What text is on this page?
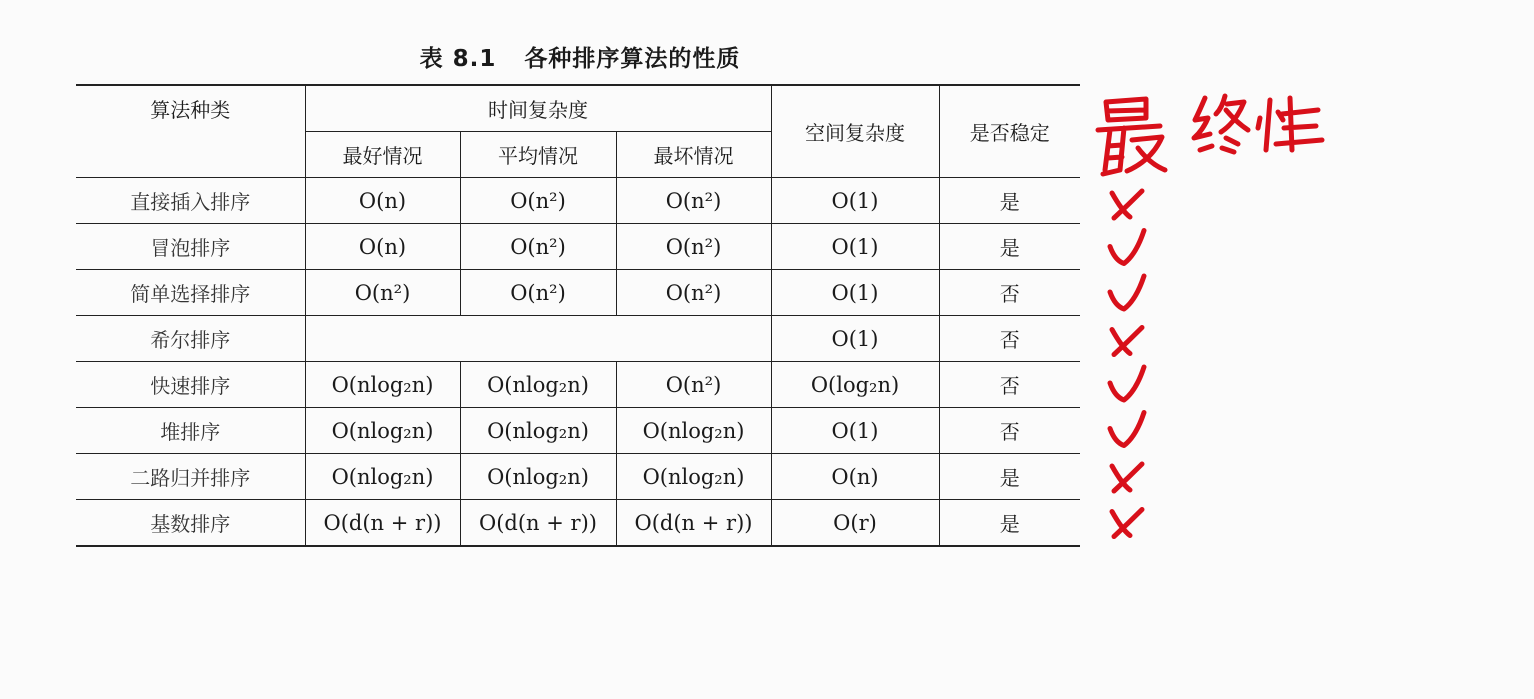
表 8.1 各种排序算法的性质
算法种类	时间复杂度			空间复杂度	是否稳定
	最好情况	平均情况	最坏情况		
直接插入排序	O(n)	O(n²)	O(n²)	O(1)	是
冒泡排序	O(n)	O(n²)	O(n²)	O(1)	是
简单选择排序	O(n²)	O(n²)	O(n²)	O(1)	否
希尔排序				O(1)	否
快速排序	O(nlog₂n)	O(nlog₂n)	O(n²)	O(log₂n)	否
堆排序	O(nlog₂n)	O(nlog₂n)	O(nlog₂n)	O(1)	否
二路归并排序	O(nlog₂n)	O(nlog₂n)	O(nlog₂n)	O(n)	是
基数排序	O(d(n + r))	O(d(n + r))	O(d(n + r))	O(r)	是
